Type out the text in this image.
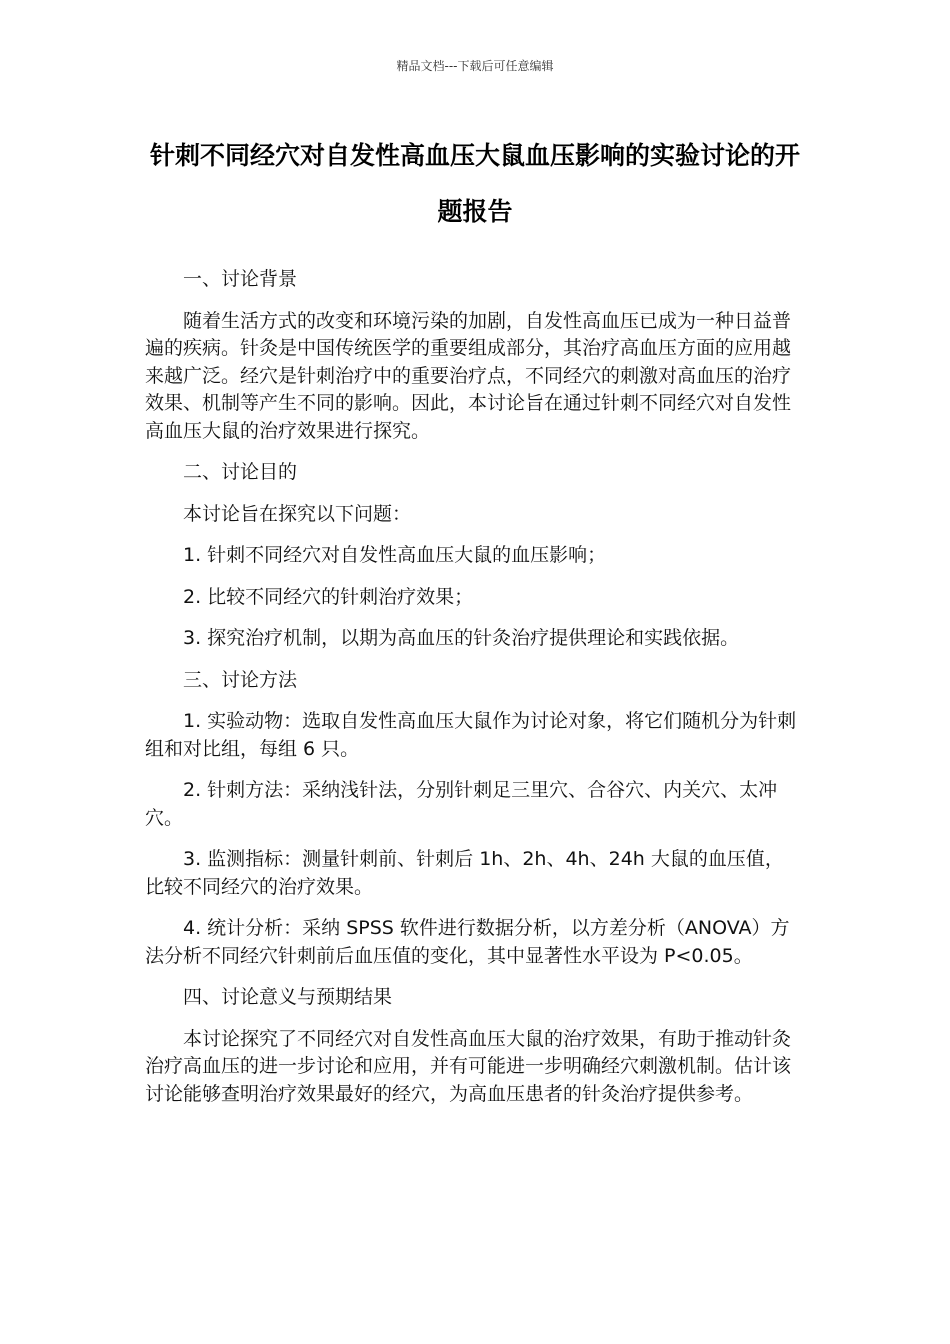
精品文档---下载后可任意编辑
针刺不同经穴对自发性高血压大鼠血压影响的实验讨论的开题报告

一、讨论背景

随着生活方式的改变和环境污染的加剧，自发性高血压已成为一种日益普遍的疾病。针灸是中国传统医学的重要组成部分，其治疗高血压方面的应用越来越广泛。经穴是针刺治疗中的重要治疗点，不同经穴的刺激对高血压的治疗效果、机制等产生不同的影响。因此，本讨论旨在通过针刺不同经穴对自发性高血压大鼠的治疗效果进行探究。

二、讨论目的

本讨论旨在探究以下问题：

1. 针刺不同经穴对自发性高血压大鼠的血压影响；

2. 比较不同经穴的针刺治疗效果；

3. 探究治疗机制，以期为高血压的针灸治疗提供理论和实践依据。

三、讨论方法

1. 实验动物：选取自发性高血压大鼠作为讨论对象，将它们随机分为针刺组和对比组，每组 6 只。

2. 针刺方法：采纳浅针法，分别针刺足三里穴、合谷穴、内关穴、太冲穴。

3. 监测指标：测量针刺前、针刺后 1h、2h、4h、24h 大鼠的血压值，比较不同经穴的治疗效果。

4. 统计分析：采纳 SPSS 软件进行数据分析，以方差分析（ANOVA）方法分析不同经穴针刺前后血压值的变化，其中显著性水平设为 P<0.05。

四、讨论意义与预期结果

本讨论探究了不同经穴对自发性高血压大鼠的治疗效果，有助于推动针灸治疗高血压的进一步讨论和应用，并有可能进一步明确经穴刺激机制。估计该讨论能够查明治疗效果最好的经穴，为高血压患者的针灸治疗提供参考。
